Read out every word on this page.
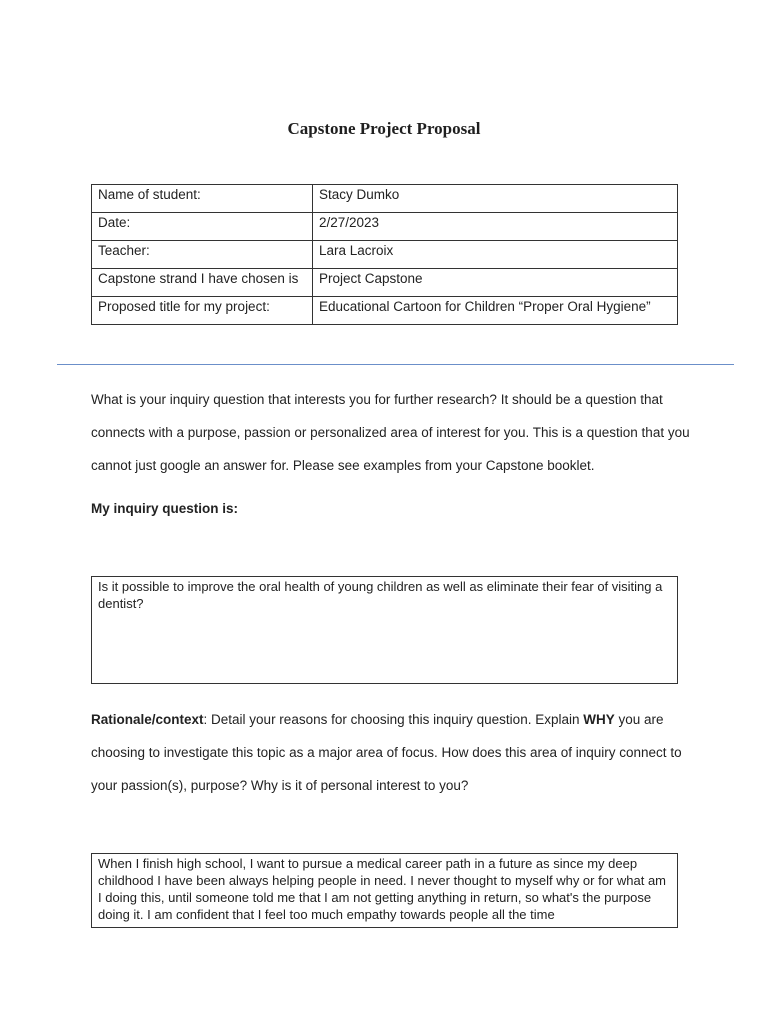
Capstone Project Proposal
Name of student:	Stacy Dumko
Date:	2/27/2023
Teacher:	Lara Lacroix
Capstone strand I have chosen is	Project Capstone
Proposed title for my project:	Educational Cartoon for Children “Proper Oral Hygiene”

What is your inquiry question that interests you for further research? It should be a question that connects with a purpose, passion or personalized area of interest for you. This is a question that you cannot just google an answer for. Please see examples from your Capstone booklet.

My inquiry question is:

Is it possible to improve the oral health of young children as well as eliminate their fear of visiting a dentist?

Rationale/context: Detail your reasons for choosing this inquiry question. Explain WHY you are choosing to investigate this topic as a major area of focus. How does this area of inquiry connect to your passion(s), purpose? Why is it of personal interest to you?

When I finish high school, I want to pursue a medical career path in a future as since my deep childhood I have been always helping people in need. I never thought to myself why or for what am I doing this, until someone told me that I am not getting anything in return, so what's the purpose doing it. I am confident that I feel too much empathy towards people all the time
